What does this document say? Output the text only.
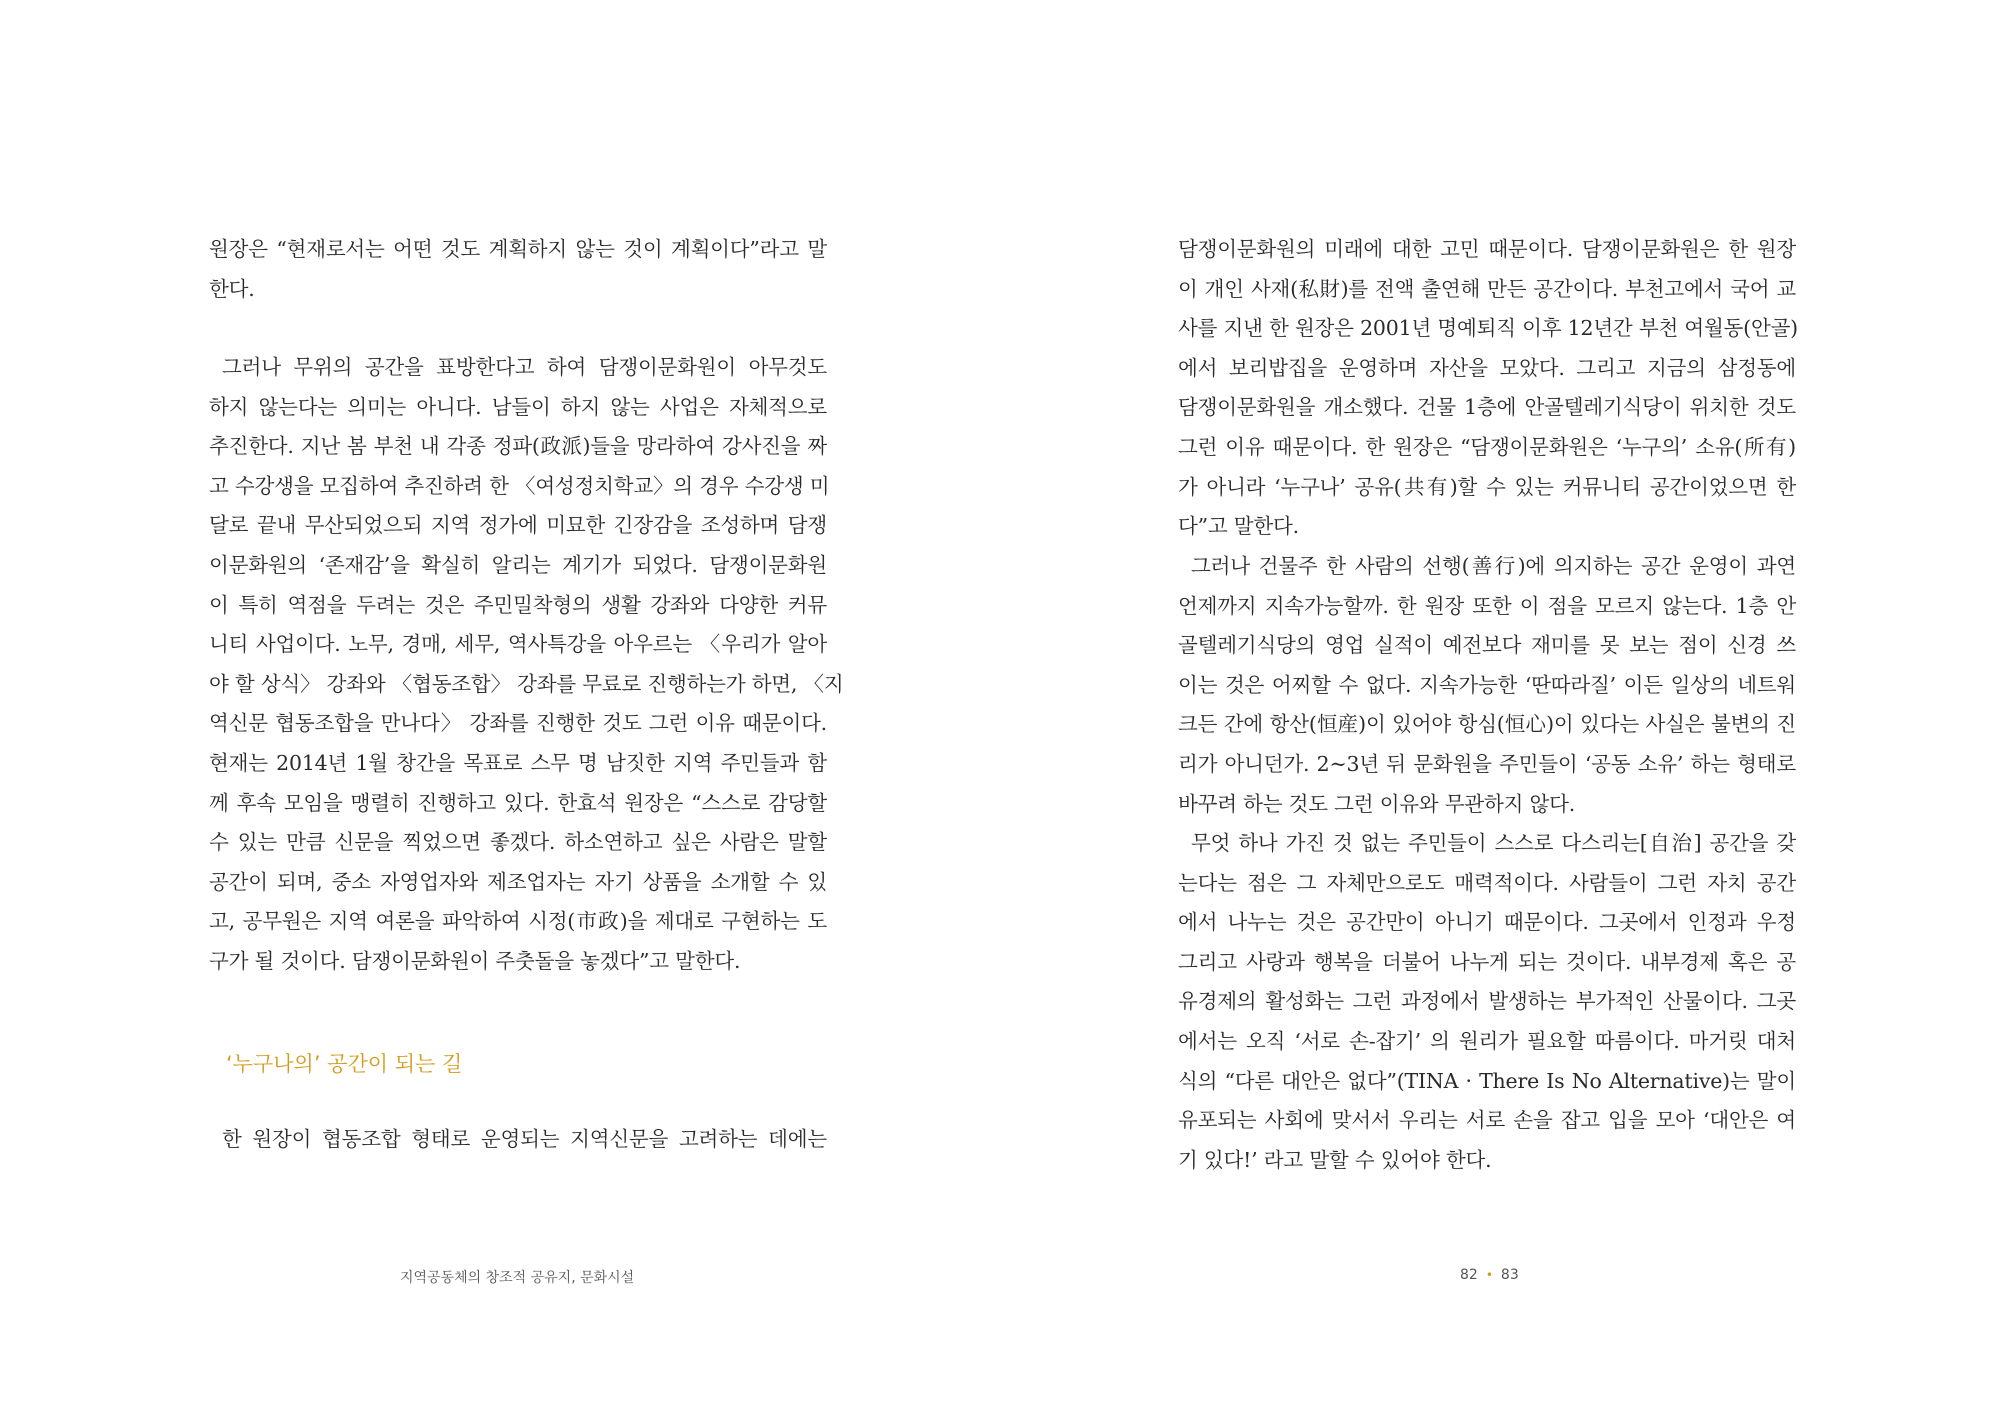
원장은 “현재로서는 어떤 것도 계획하지 않는 것이 계획이다”라고 말
한다.
그러나 무위의 공간을 표방한다고 하여 담쟁이문화원이 아무것도
하지 않는다는 의미는 아니다. 남들이 하지 않는 사업은 자체적으로
추진한다. 지난 봄 부천 내 각종 정파(政派)들을 망라하여 강사진을 짜
고 수강생을 모집하여 추진하려 한 〈여성정치학교〉의 경우 수강생 미
달로 끝내 무산되었으되 지역 정가에 미묘한 긴장감을 조성하며 담쟁
이문화원의 ‘존재감’을 확실히 알리는 계기가 되었다. 담쟁이문화원
이 특히 역점을 두려는 것은 주민밀착형의 생활 강좌와 다양한 커뮤
니티 사업이다. 노무, 경매, 세무, 역사특강을 아우르는 〈우리가 알아
야 할 상식〉 강좌와 〈협동조합〉 강좌를 무료로 진행하는가 하면, 〈지
역신문 협동조합을 만나다〉 강좌를 진행한 것도 그런 이유 때문이다.
현재는 2014년 1월 창간을 목표로 스무 명 남짓한 지역 주민들과 함
께 후속 모임을 맹렬히 진행하고 있다. 한효석 원장은 “스스로 감당할
수 있는 만큼 신문을 찍었으면 좋겠다. 하소연하고 싶은 사람은 말할
공간이 되며, 중소 자영업자와 제조업자는 자기 상품을 소개할 수 있
고, 공무원은 지역 여론을 파악하여 시정(市政)을 제대로 구현하는 도
구가 될 것이다. 담쟁이문화원이 주춧돌을 놓겠다”고 말한다.
‘누구나의’ 공간이 되는 길
한 원장이 협동조합 형태로 운영되는 지역신문을 고려하는 데에는
지역공동체의 창조적 공유지, 문화시설
담쟁이문화원의 미래에 대한 고민 때문이다. 담쟁이문화원은 한 원장
이 개인 사재(私財)를 전액 출연해 만든 공간이다. 부천고에서 국어 교
사를 지낸 한 원장은 2001년 명예퇴직 이후 12년간 부천 여월동(안골)
에서 보리밥집을 운영하며 자산을 모았다. 그리고 지금의 삼정동에
담쟁이문화원을 개소했다. 건물 1층에 안골텔레기식당이 위치한 것도
그런 이유 때문이다. 한 원장은 “담쟁이문화원은 ‘누구의’ 소유(所有)
가 아니라 ‘누구나’ 공유(共有)할 수 있는 커뮤니티 공간이었으면 한
다”고 말한다.
그러나 건물주 한 사람의 선행(善行)에 의지하는 공간 운영이 과연
언제까지 지속가능할까. 한 원장 또한 이 점을 모르지 않는다. 1층 안
골텔레기식당의 영업 실적이 예전보다 재미를 못 보는 점이 신경 쓰
이는 것은 어찌할 수 없다. 지속가능한 ‘딴따라질’ 이든 일상의 네트워
크든 간에 항산(恒産)이 있어야 항심(恒心)이 있다는 사실은 불변의 진
리가 아니던가. 2~3년 뒤 문화원을 주민들이 ‘공동 소유’ 하는 형태로
바꾸려 하는 것도 그런 이유와 무관하지 않다.
무엇 하나 가진 것 없는 주민들이 스스로 다스리는[自治] 공간을 갖
는다는 점은 그 자체만으로도 매력적이다. 사람들이 그런 자치 공간
에서 나누는 것은 공간만이 아니기 때문이다. 그곳에서 인정과 우정
그리고 사랑과 행복을 더불어 나누게 되는 것이다. 내부경제 혹은 공
유경제의 활성화는 그런 과정에서 발생하는 부가적인 산물이다. 그곳
에서는 오직 ‘서로 손-잡기’ 의 원리가 필요할 따름이다. 마거릿 대처
식의 “다른 대안은 없다”(TINA · There Is No Alternative)는 말이
유포되는 사회에 맞서서 우리는 서로 손을 잡고 입을 모아 ‘대안은 여
기 있다!’ 라고 말할 수 있어야 한다.
82 • 83
